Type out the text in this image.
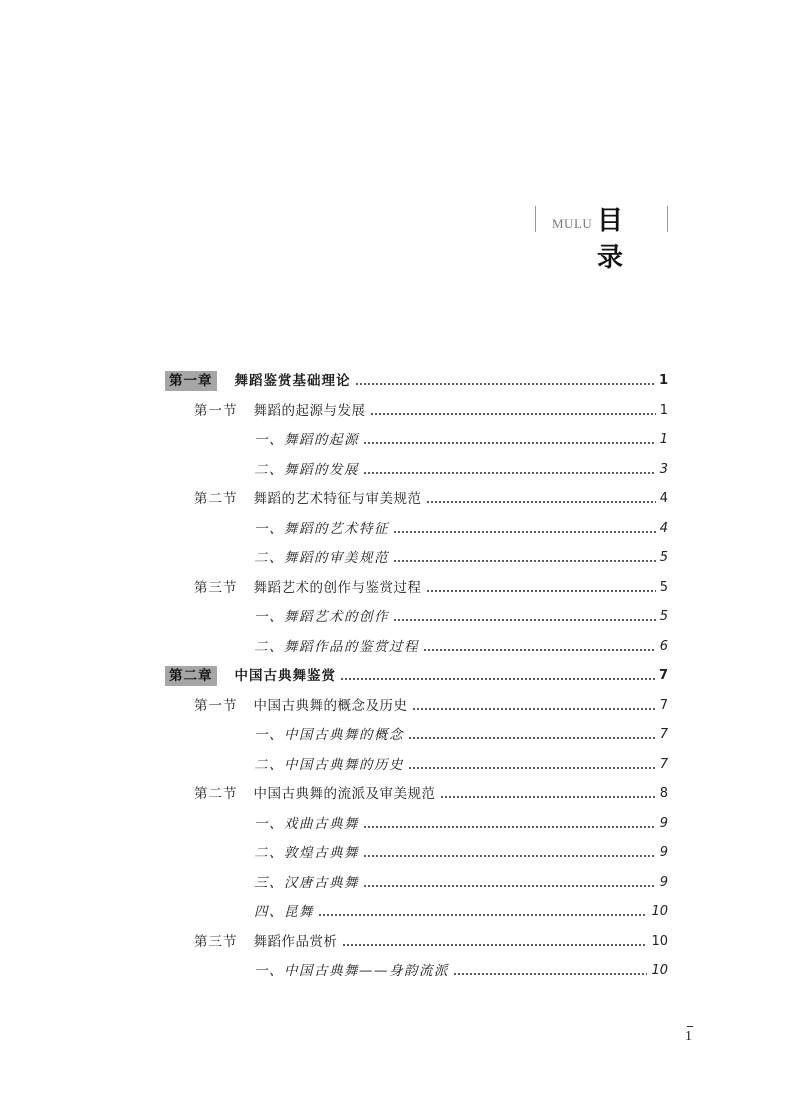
MULU 目录
第一章 舞蹈鉴赏基础理论	1
第一节 舞蹈的起源与发展	1
一、舞蹈的起源	1
二、舞蹈的发展	3
第二节 舞蹈的艺术特征与审美规范	4
一、舞蹈的艺术特征	4
二、舞蹈的审美规范	5
第三节 舞蹈艺术的创作与鉴赏过程	5
一、舞蹈艺术的创作	5
二、舞蹈作品的鉴赏过程	6
第二章 中国古典舞鉴赏	7
第一节 中国古典舞的概念及历史	7
一、中国古典舞的概念	7
二、中国古典舞的历史	7
第二节 中国古典舞的流派及审美规范	8
一、戏曲古典舞	9
二、敦煌古典舞	9
三、汉唐古典舞	9
四、昆舞	10
第三节 舞蹈作品赏析	10
一、中国古典舞——身韵流派	10
1
